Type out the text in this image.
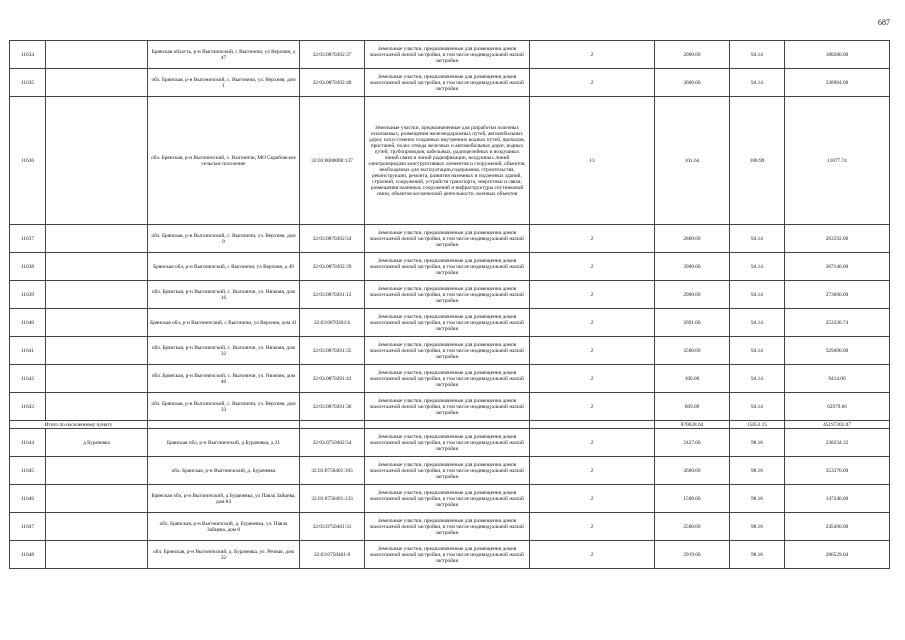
687
11634		Брянская область, р-н Выгоничский, с Выгоничи, ул Верхняя, д 47	32:03:0870202:37	Земельные участки, предназначенные для размещения домов малоэтажной жилой застройки, в том числе индивидуальной жилой застройки	2	2000.00	94.14	188280.00
11635		обл. Брянская, р-н Выгоничский, с. Выгоничи, ул. Верхняя, дом 1	32:03:0870202:48	Земельные участки, предназначенные для размещения домов малоэтажной жилой застройки, в том числе индивидуальной жилой застройки	2	3600.00	94.14	338904.00
11636		обл. Брянская, р-н Выгоничский, с. Выгоничи, МО Скрабовское сельское поселение	32:03:0000000:137	Земельные участки, предназначенные для разработки полезных ископаемых, размещения железнодорожных путей, автомобильных дорог, искусственно созданных внутренних водных путей, причалов, пристаней, полос отвода железных и автомобильных дорог, водных путей, трубопроводов, кабельных, радиорелейных и воздушных линий связи и линий радиофикации, воздушных линий электропередачи конструктивных элементов и сооружений, объектов, необходимых для эксплуатации,содержания, строительства, реконструкции, ремонта, развития наземных и подземных зданий, строений, сооружений, устройств транспорта, энергетики и связи; размещения наземных сооружений и инфраструктуры спутниковой связи, объектов космической деятельности, военных объектов	13	101.64	108.99	11077.74
11637		обл. Брянская, р-н Выгоничский, с. Выгоничи, ул. Верхняя, дом 9	32:03:0870202:54	Земельные участки, предназначенные для размещения домов малоэтажной жилой застройки, в том числе индивидуальной жилой застройки	2	2800.00	94.14	263592.00
11638		Брянская обл, р-н Выгоничский, с Выгоничи, ул Верхняя, д 49	32:03:0870202:39	Земельные участки, предназначенные для размещения домов малоэтажной жилой застройки, в том числе индивидуальной жилой застройки	2	3900.00	94.14	367146.00
11639		обл. Брянская, р-н Выгоничский, с. Выгоничи, ул. Нижняя, дом 16	32:03:0870201:12	Земельные участки, предназначенные для размещения домов малоэтажной жилой застройки, в том числе индивидуальной жилой застройки	2	2900.00	94.14	273006.00
11640		Брянская обл, р-н Выгоничский, с Выгоничи, ул Верхняя, дом 41	32:03:0870202:6	Земельные участки, предназначенные для размещения домов малоэтажной жилой застройки, в том числе индивидуальной жилой застройки	2	2691.00	94.14	253330.74
11641		обл. Брянская, р-н Выгоничский, с. Выгоничи, ул. Нижняя, дом 32	32:03:0870201:35	Земельные участки, предназначенные для размещения домов малоэтажной жилой застройки, в том числе индивидуальной жилой застройки	2	3500.00	94.14	329490.00
11642		обл. Брянская, р-н Выгоничский, с. Выгоничи, ул. Нижняя, дом 40	32:03:0870201:43	Земельные участки, предназначенные для размещения домов малоэтажной жилой застройки, в том числе индивидуальной жилой застройки	2	100.00	94.14	9414.00
11643		обл. Брянская, р-н Выгоничский, с. Выгоничи, ул. Верхняя, дом 33	32:03:0870201:36	Земельные участки, предназначенные для размещения домов малоэтажной жилой застройки, в том числе индивидуальной жилой застройки	2	669.00	94.14	62979.66
Итого по населенному пункту						870628.04	15853.15	45197202.07
11644	д Бурачевка	Брянская обл, р-н Выгоничский, д Бурачевка, д 21	32:03:0750402:54	Земельные участки, предназначенные для размещения домов малоэтажной жилой застройки, в том числе индивидуальной жилой застройки	2	2427.00	98.16	238234.32
11645		обл. Брянская, р-н Выгоничский, д. Бурачевка	32:03:0750401:105	Земельные участки, предназначенные для размещения домов малоэтажной жилой застройки, в том числе индивидуальной жилой застройки	2	3600.00	98.16	353376.00
11646		Брянская обл, р-н Выгоничский, д Бурачевка, ул Павла Зайцева, дом 84	32:03:0750401:133	Земельные участки, предназначенные для размещения домов малоэтажной жилой застройки, в том числе индивидуальной жилой застройки	2	1500.00	98.16	147240.00
11647		обл. Брянская, р-н Выгоничский, д. Бурачевка, ул. Павла Зайцева, дом 8	32:03:0750401:31	Земельные участки, предназначенные для размещения домов малоэтажной жилой застройки, в том числе индивидуальной жилой застройки	2	2500.00	98.16	245400.00
11648		обл. Брянская, р-н Выгоничский, д. Бурачевка, ул. Речная, дом 32	32:03:0750401:8	Земельные участки, предназначенные для размещения домов малоэтажной жилой застройки, в том числе индивидуальной жилой застройки	2	2919.00	98.16	286529.04
